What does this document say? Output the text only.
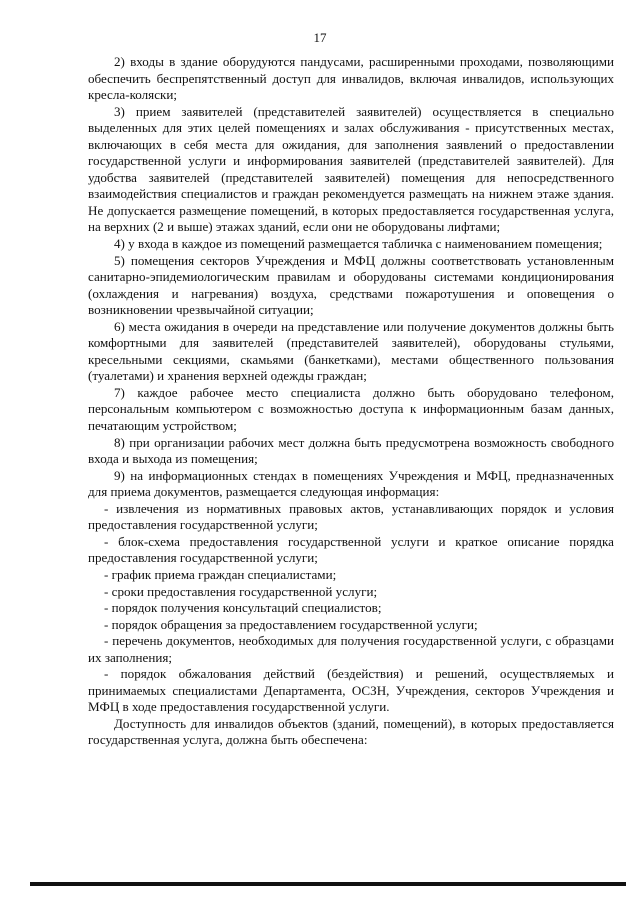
17

2) входы в здание оборудуются пандусами, расширенными проходами, позволяющими обеспечить беспрепятственный доступ для инвалидов, включая инвалидов, использующих кресла-коляски;

3) прием заявителей (представителей заявителей) осуществляется в специально выделенных для этих целей помещениях и залах обслуживания - присутственных местах, включающих в себя места для ожидания, для заполнения заявлений о предоставлении государственной услуги и информирования заявителей (представителей заявителей). Для удобства заявителей (представителей заявителей) помещения для непосредственного взаимодействия специалистов и граждан рекомендуется размещать на нижнем этаже здания. Не допускается размещение помещений, в которых предоставляется государственная услуга, на верхних (2 и выше) этажах зданий, если они не оборудованы лифтами;

4) у входа в каждое из помещений размещается табличка с наименованием помещения;

5) помещения секторов Учреждения и МФЦ должны соответствовать установленным санитарно-эпидемиологическим правилам и оборудованы системами кондиционирования (охлаждения и нагревания) воздуха, средствами пожаротушения и оповещения о возникновении чрезвычайной ситуации;

6) места ожидания в очереди на представление или получение документов должны быть комфортными для заявителей (представителей заявителей), оборудованы стульями, кресельными секциями, скамьями (банкетками), местами общественного пользования (туалетами) и хранения верхней одежды граждан;

7) каждое рабочее место специалиста должно быть оборудовано телефоном, персональным компьютером с возможностью доступа к информационным базам данных, печатающим устройством;

8) при организации рабочих мест должна быть предусмотрена возможность свободного входа и выхода из помещения;

9) на информационных стендах в помещениях Учреждения и МФЦ, предназначенных для приема документов, размещается следующая информация:

- извлечения из нормативных правовых актов, устанавливающих порядок и условия предоставления государственной услуги;

- блок-схема предоставления государственной услуги и краткое описание порядка предоставления государственной услуги;

- график приема граждан специалистами;

- сроки предоставления государственной услуги;

- порядок получения консультаций специалистов;

- порядок обращения за предоставлением государственной услуги;

- перечень документов, необходимых для получения государственной услуги, с образцами их заполнения;

- порядок обжалования действий (бездействия) и решений, осуществляемых и принимаемых специалистами Департамента, ОСЗН, Учреждения, секторов Учреждения и МФЦ в ходе предоставления государственной услуги.

Доступность для инвалидов объектов (зданий, помещений), в которых предоставляется государственная услуга, должна быть обеспечена:
